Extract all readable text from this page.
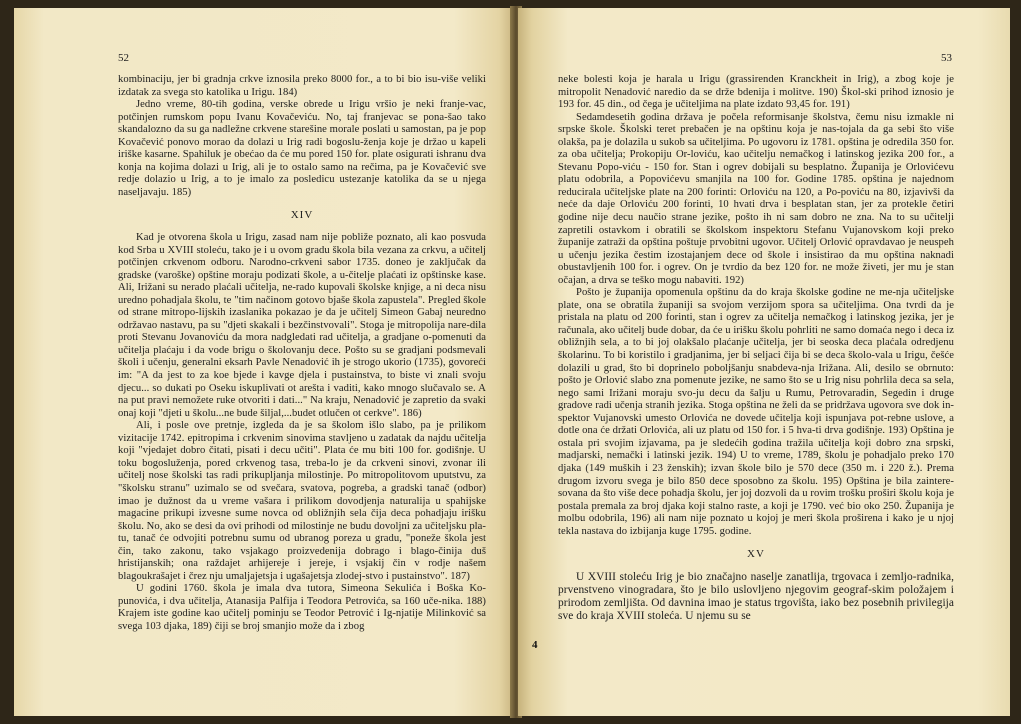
52

kombinaciju, jer bi gradnja crkve iznosila preko 8000 for., a to bi bio isu-više veliki izdatak za svega sto katolika u Irigu. 184)

Jedno vreme, 80-tih godina, verske obrede u Irigu vršio je neki franje-vac, potčinjen rumskom popu Ivanu Kovačeviću. No, taj franjevac se pona-šao tako skandalozno da su ga nadležne crkvene starešine morale poslati u samostan, pa je pop Kovačević ponovo morao da dolazi u Irig radi bogoslu-ženja koje je držao u kapeli iriške kasarne. Spahiluk je obećao da će mu pored 150 for. plate osigurati ishranu dva konja na kojima dolazi u Irig, ali je to ostalo samo na rečima, pa je Kovačević sve redje dolazio u Irig, a to je imalo za posledicu ustezanje katolika da se u njega naseljavaju. 185)

XIV

Kad je otvorena škola u Irigu, zasad nam nije pobliže poznato, ali kao posvuda kod Srba u XVIII stoleću, tako je i u ovom gradu škola bila vezana za crkvu, a učitelj potčinjen crkvenom odboru. Narodno-crkveni sabor 1735. doneo je zaključak da gradske (varoške) opštine moraju podizati škole, a u-čitelje plaćati iz opštinske kase. Ali, Irižani su nerado plaćali učitelja, ne-rado kupovali školske knjige, a ni deca nisu uredno pohadjala školu, te "tim načinom gotovo bjaše škola zapustela". Pregled škole od strane mitropo-lijskih izaslanika pokazao je da je učitelj Simeon Gabaj neuredno održavao nastavu, pa su "djeti skakali i bezčinstvovali". Stoga je mitropolija nare-dila proti Stevanu Jovanoviću da mora nadgledati rad učitelja, a gradjane o-pomenuti da učitelja plaćaju i da vode brigu o školovanju dece. Pošto su se gradjani podsmevali školi i učenju, generalni eksarh Pavle Nenadović ih je strogo ukorio (1735), govoreći im: "A da jest to za koe bjede i kavge djela i pustainstva, to biste vi znali svoju djecu... so dukati po Oseku iskuplivati ot arešta i vaditi, kako mnogo slučavalo se. A na put pravi nemožete ruke otvoriti i dati..." Na kraju, Nenadović je zapretio da svaki onaj koji "djeti u školu...ne bude šiljal,...budet otlučen ot cerkve". 186)

Ali, i posle ove pretnje, izgleda da je sa školom išlo slabo, pa je prilikom vizitacije 1742. epitropima i crkvenim sinovima stavljeno u zadatak da najdu učitelja koji "vjedajet dobro čitati, pisati i decu učiti". Plata će mu biti 100 for. godišnje. U toku bogosluženja, pored crkvenog tasa, treba-lo je da crkveni sinovi, zvonar ili učitelj nose školski tas radi prikupljanja milostinje. Po mitropolitovom uputstvu, za "školsku stranu" uzimalo se od svečara, svatova, pogreba, a gradski tanač (odbor) imao je dužnost da u vreme vašara i prilikom dovodjenja naturalija u spahijske magacine prikupi izvesne sume novca od obližnjih sela čija deca pohadjaju irišku školu. No, ako se desi da ovi prihodi od milostinje ne budu dovoljni za učiteljsku pla-tu, tanač će odvojiti potrebnu sumu od ubranog poreza u gradu, "poneže škola jest čin, tako zakonu, tako vsjakago proizvedenija dobrago i blago-činija duš hristijanskih; ona raždajet arhijereje i jereje, i vsjakij čin v rodje našem blagoukrašajet i črez nju umaljajetsja i ugašajetsja zlodej-stvo i pustainstvo". 187)

U godini 1760. škola je imala dva tutora, Simeona Sekulića i Boška Ko-punovića, i dva učitelja, Atanasija Palfija i Teodora Petrovića, sa 160 uče-nika. 188) Krajem iste godine kao učitelj pominju se Teodor Petrović i Ig-njatije Milinković sa svega 103 djaka, 189) čiji se broj smanjio može da i zbog

53
4

neke bolesti koja je harala u Irigu (grassirenden Kranckheit in Irig), a zbog koje je mitropolit Nenadović naredio da se drže bdenija i molitve. 190) Škol-ski prihod iznosio je 193 for. 45 din., od čega je učiteljima na plate izdato 93,45 for. 191)

Sedamdesetih godina država je počela reformisanje školstva, čemu nisu izmakle ni srpske škole. Školski teret prebačen je na opštinu koja je nas-tojala da ga sebi što više olakša, pa je dolazila u sukob sa učiteljima. Po ugovoru iz 1781. opština je odredila 350 for. za oba učitelja; Prokopiju Or-loviću, kao učitelju nemačkog i latinskog jezika 200 for., a Stevanu Popo-viću - 150 for. Stan i ogrev dobijali su besplatno. Županija je Orlovićevu platu odobrila, a Popovićevu smanjila na 100 for. Godine 1785. opština je najednom reducirala učiteljske plate na 200 forinti: Orloviću na 120, a Po-poviću na 80, izjavivši da neće da daje Orloviću 200 forinti, 10 hvati drva i besplatan stan, jer za protekle četiri godine nije decu naučio strane jezike, pošto ih ni sam dobro ne zna. Na to su učitelji zapretili ostavkom i obratili se školskom inspektoru Stefanu Vujanovskom koji preko županije zatraži da opština poštuje prvobitni ugovor. Učitelj Orlović opravdavao je neuspeh u učenju jezika čestim izostajanjem dece od škole i insistirao da mu opština naknadi obustavljenih 100 for. i ogrev. On je tvrdio da bez 120 for. ne može živeti, jer mu je stan očajan, a drva se teško mogu nabaviti. 192)

Pošto je županija opomenula opštinu da do kraja školske godine ne me-nja učiteljske plate, ona se obratila županiji sa svojom verzijom spora sa učiteljima. Ona tvrdi da je pristala na platu od 200 forinti, stan i ogrev za učitelja nemačkog i latinskog jezika, jer je računala, ako učitelj bude dobar, da će u irišku školu pohrliti ne samo domaća nego i deca iz obližnjih sela, a to bi joj olakšalo plaćanje učitelja, jer bi seoska deca plaćala odredjenu školarinu. To bi koristilo i gradjanima, jer bi seljaci čija bi se deca školo-vala u Irigu, češće dolazili u grad, što bi doprinelo poboljšanju snabdeva-nja Irižana. Ali, desilo se obrnuto: pošto je Orlović slabo zna pomenute jezike, ne samo što se u Irig nisu pohrlila deca sa sela, nego sami Irižani moraju svo-ju decu da šalju u Rumu, Petrovaradin, Segedin i druge gradove radi učenja stranih jezika. Stoga opština ne želi da se pridržava ugovora sve dok in-spektor Vujanovski umesto Orlovića ne dovede učitelja koji ispunjava pot-rebne uslove, a dotle ona će držati Orlovića, ali uz platu od 150 for. i 5 hva-ti drva godišnje. 193) Opština je ostala pri svojim izjavama, pa je sledećih godina tražila učitelja koji dobro zna srpski, madjarski, nemački i latinski jezik. 194) U to vreme, 1789, školu je pohadjalo preko 170 djaka (149 muških i 23 ženskih); izvan škole bilo je 570 dece (350 m. i 220 ž.). Prema drugom izvoru svega je bilo 850 dece sposobno za školu. 195) Opština je bila zaintere-sovana da što više dece pohadja školu, jer joj dozvoli da u rovim trošku proširi školu koja je postala premala za broj djaka koji stalno raste, a koji je 1790. već bio oko 250. Županija je molbu odobrila, 196) ali nam nije poznato u kojoj je meri škola proširena i kako je u njoj tekla nastava do izbijanja kuge 1795. godine.

XV

U XVIII stoleću Irig je bio značajno naselje zanatlija, trgovaca i zemljo-radnika, prvenstveno vinogradara, što je bilo uslovljeno njegovim geograf-skim položajem i prirodom zemljišta. Od davnina imao je status trgovišta, iako bez posebnih privilegija sve do kraja XVIII stoleća. U njemu su se
